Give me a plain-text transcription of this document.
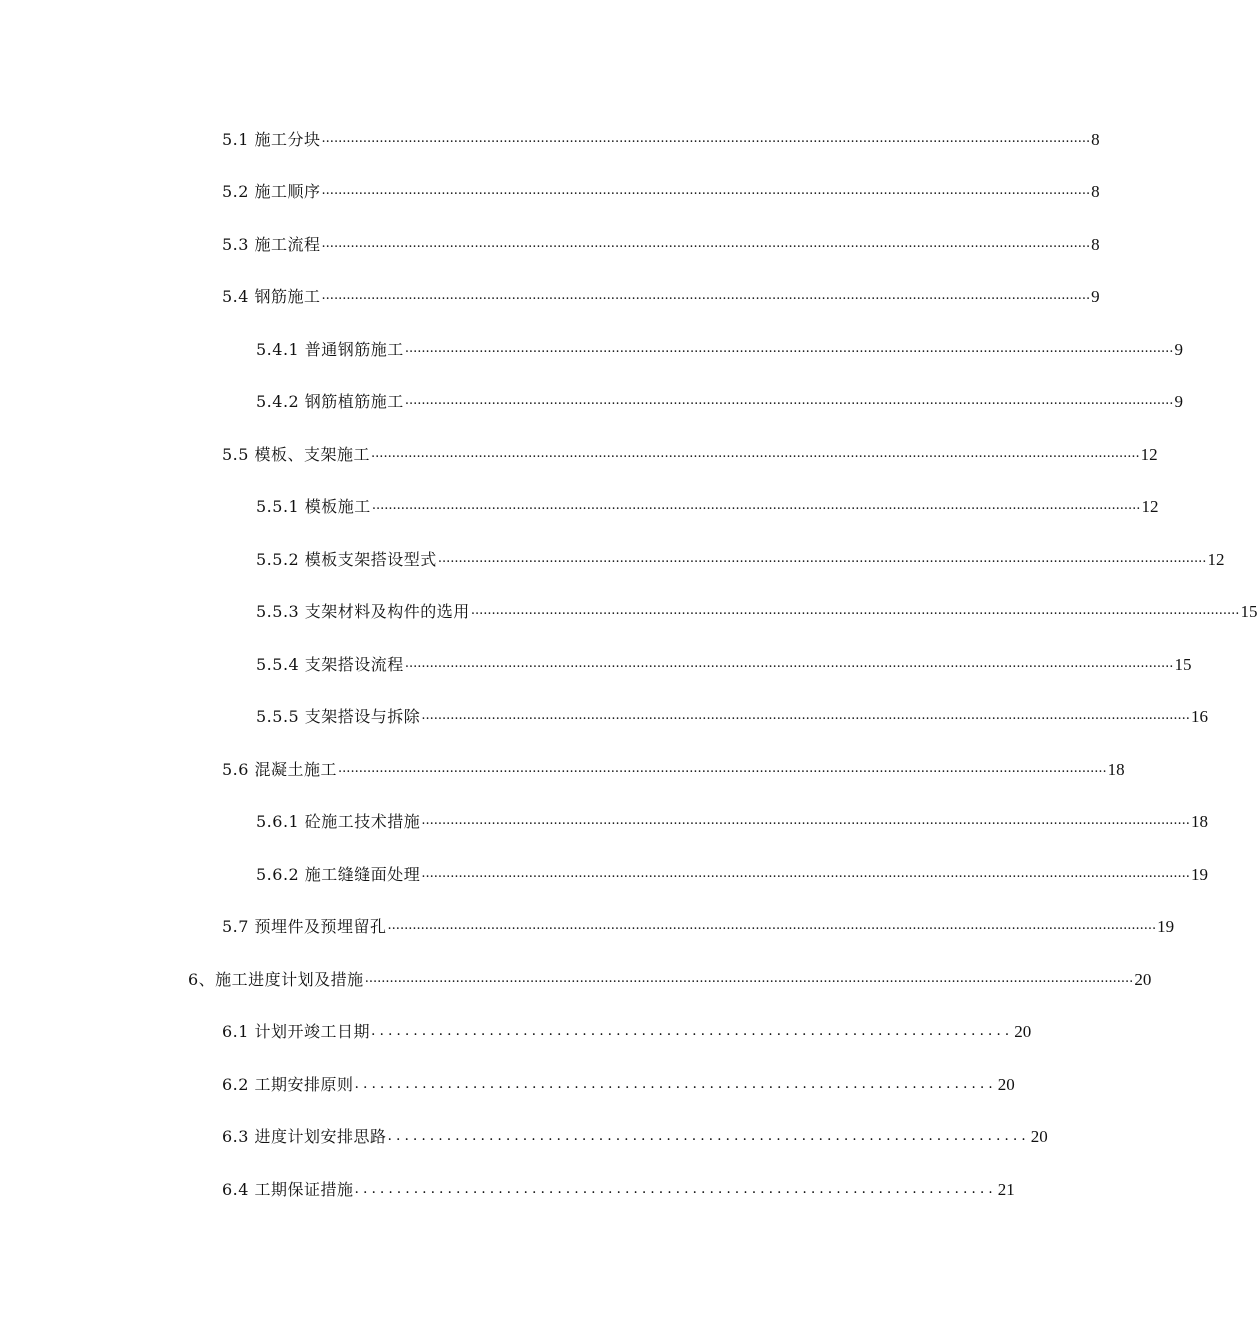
5.1 施工分块 .......................................................................................................................................................................................... 8
5.2 施工顺序 .......................................................................................................................................................................................... 8
5.3 施工流程 .......................................................................................................................................................................................... 8
5.4 钢筋施工 .......................................................................................................................................................................................... 9
5.4.1 普通钢筋施工 .......................................................................................................................................................................................... 9
5.4.2 钢筋植筋施工 .......................................................................................................................................................................................... 9
5.5 模板、支架施工 .......................................................................................................................................................................................... 12
5.5.1 模板施工 .......................................................................................................................................................................................... 12
5.5.2 模板支架搭设型式 .......................................................................................................................................................................................... 12
5.5.3 支架材料及构件的选用 .......................................................................................................................................................................................... 15
5.5.4 支架搭设流程 .......................................................................................................................................................................................... 15
5.5.5 支架搭设与拆除 .......................................................................................................................................................................................... 16
5.6 混凝土施工 .......................................................................................................................................................................................... 18
5.6.1 砼施工技术措施 .......................................................................................................................................................................................... 18
5.6.2 施工缝缝面处理 .......................................................................................................................................................................................... 19
5.7 预埋件及预埋留孔 .......................................................................................................................................................................................... 19
6、施工进度计划及措施 .......................................................................................................................................................................................... 20
6.1 计划开竣工日期 ............................................................................ 20
6.2 工期安排原则 ............................................................................ 20
6.3 进度计划安排思路 ............................................................................ 20
6.4 工期保证措施 ............................................................................ 21
